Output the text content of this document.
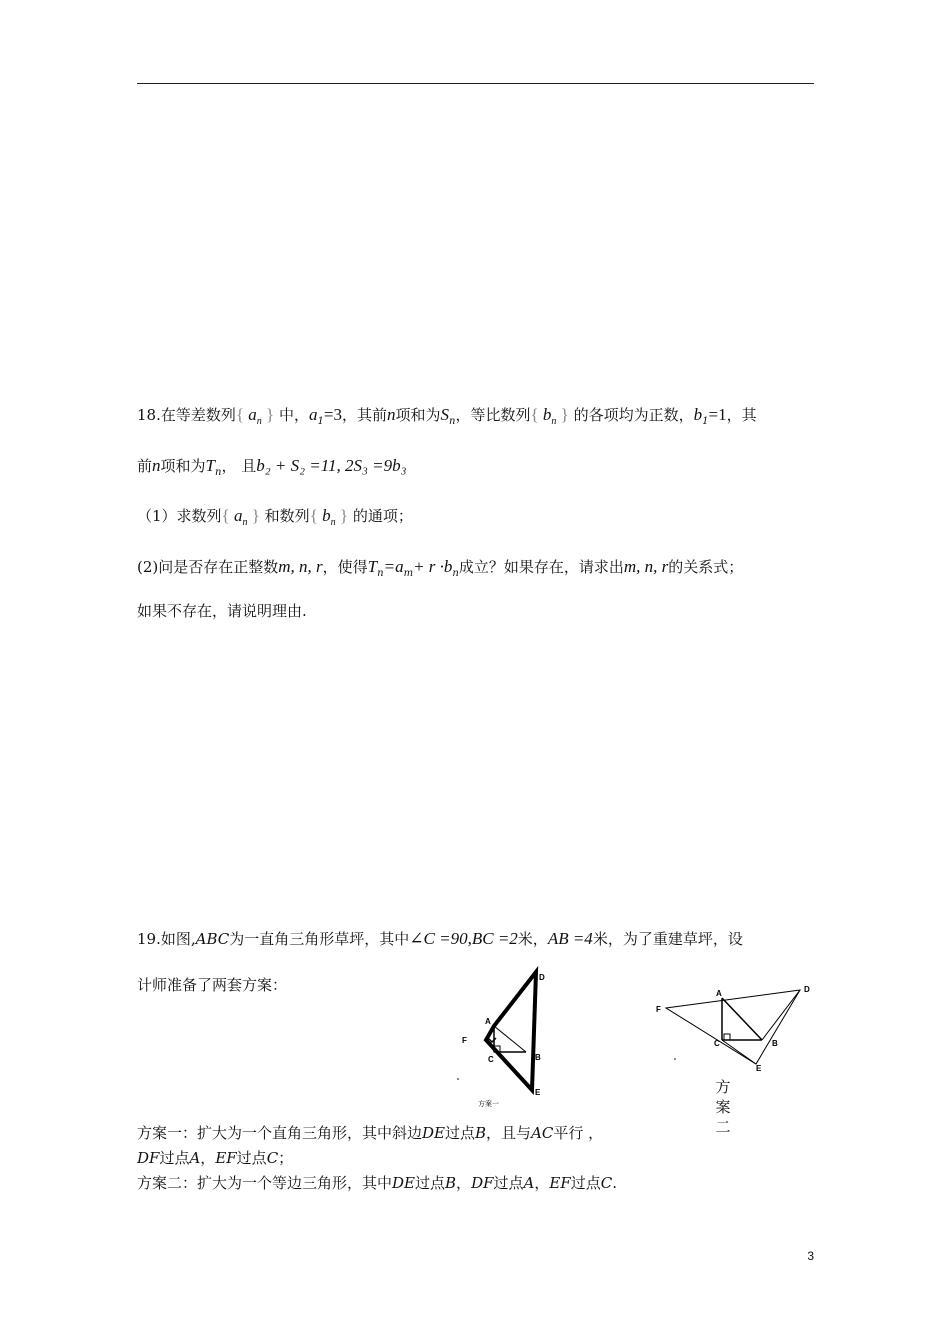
18.在等差数列{ $a_n$ } 中，$a_1=3$，其前n项和为$S_n$，等比数列{ $b_n$ } 的各项均为正数，$b_1=1$，其
前n项和为$T_n$， 且b₂ + S₂ =11, 2S₃ =9b₃
（1）求数列{ $a_n$ } 和数列{ $b_n$ } 的通项；
(2)问是否存在正整数m, n, r，使得$T_n=a_m+ r \cdot b_n$成立？如果存在，请求出m, n, r的关系式；
如果不存在，请说明理由.
19.如图,ABC为一直角三角形草坪，其中∠C =90,BC =2米，AB =4米，为了重建草坪，设
计师准备了两套方案：	D
A
F
C	B
E
方案一
F
A	D
C	B
E
方案二
方案一：扩大为一个直角三角形，其中斜边DE过点B，且与AC平行 ，
DF过点A，EF过点C；
方案二：扩大为一个等边三角形，其中DE过点B，DF过点A，EF过点C.
3
